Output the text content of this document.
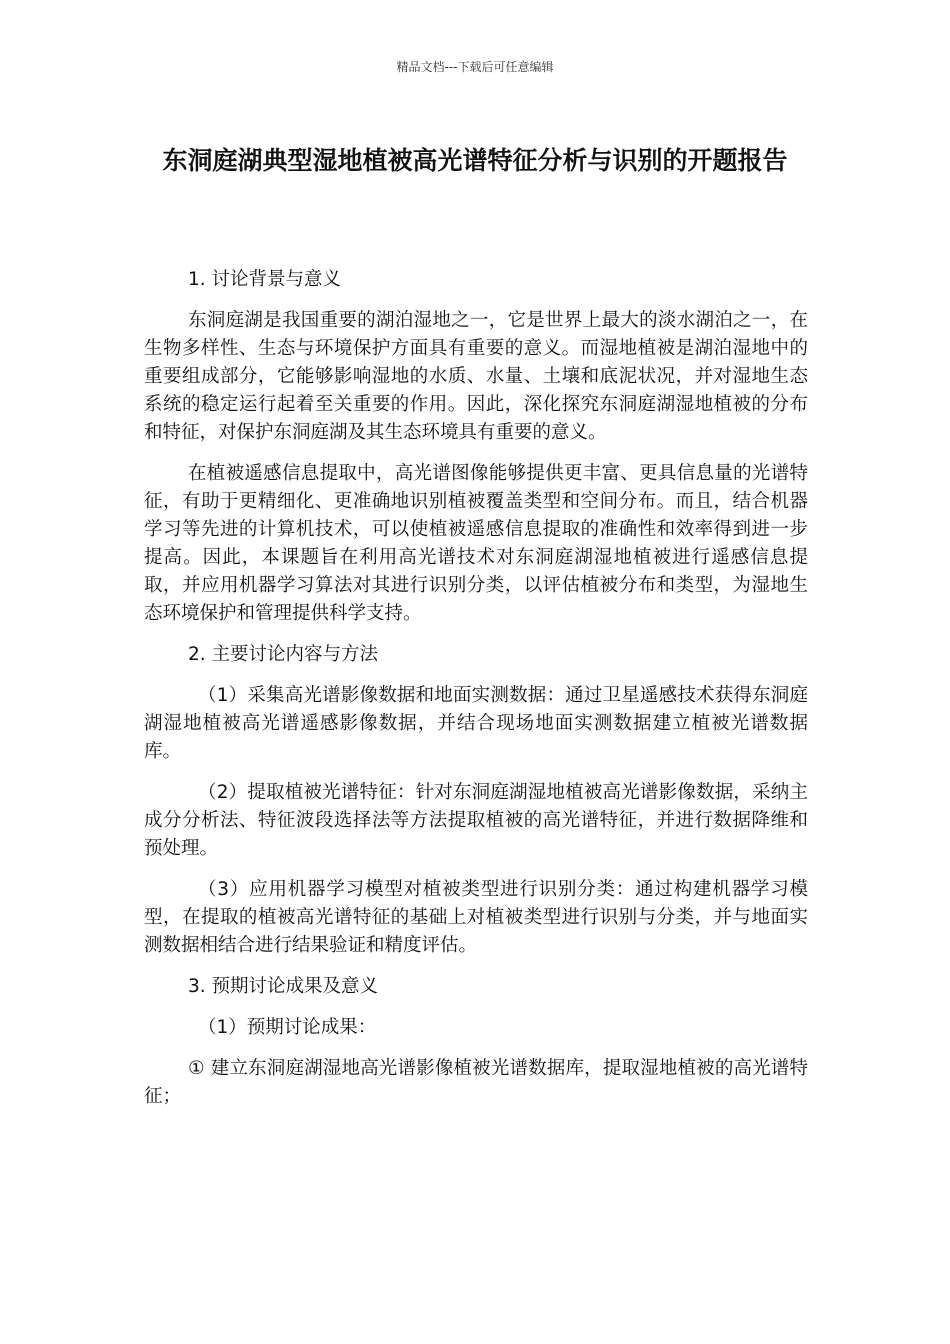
精品文档---下载后可任意编辑
东洞庭湖典型湿地植被高光谱特征分析与识别的开题报告

1. 讨论背景与意义

东洞庭湖是我国重要的湖泊湿地之一，它是世界上最大的淡水湖泊之一，在生物多样性、生态与环境保护方面具有重要的意义。而湿地植被是湖泊湿地中的重要组成部分，它能够影响湿地的水质、水量、土壤和底泥状况，并对湿地生态系统的稳定运行起着至关重要的作用。因此，深化探究东洞庭湖湿地植被的分布和特征，对保护东洞庭湖及其生态环境具有重要的意义。

在植被遥感信息提取中，高光谱图像能够提供更丰富、更具信息量的光谱特征，有助于更精细化、更准确地识别植被覆盖类型和空间分布。而且，结合机器学习等先进的计算机技术，可以使植被遥感信息提取的准确性和效率得到进一步提高。因此，本课题旨在利用高光谱技术对东洞庭湖湿地植被进行遥感信息提取，并应用机器学习算法对其进行识别分类，以评估植被分布和类型，为湿地生态环境保护和管理提供科学支持。

2. 主要讨论内容与方法

（1）采集高光谱影像数据和地面实测数据：通过卫星遥感技术获得东洞庭湖湿地植被高光谱遥感影像数据，并结合现场地面实测数据建立植被光谱数据库。

（2）提取植被光谱特征：针对东洞庭湖湿地植被高光谱影像数据，采纳主成分分析法、特征波段选择法等方法提取植被的高光谱特征，并进行数据降维和预处理。

（3）应用机器学习模型对植被类型进行识别分类：通过构建机器学习模型，在提取的植被高光谱特征的基础上对植被类型进行识别与分类，并与地面实测数据相结合进行结果验证和精度评估。

3. 预期讨论成果及意义

（1）预期讨论成果：

① 建立东洞庭湖湿地高光谱影像植被光谱数据库，提取湿地植被的高光谱特征；
